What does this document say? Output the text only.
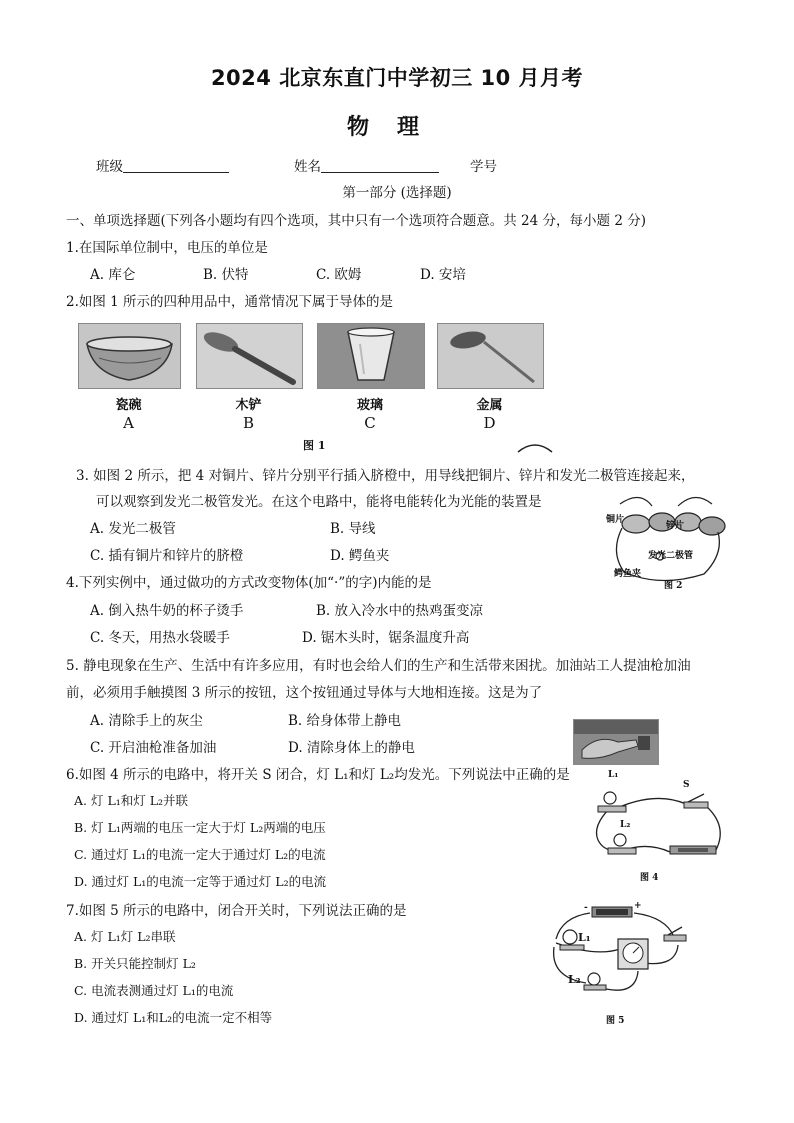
2024 北京东直门中学初三 10 月月考
物理
班级	姓名	学号
第一部分 (选择题)
一、单项选择题(下列各小题均有四个选项，其中只有一个选项符合题意。共 24 分，每小题 2 分)
1.在国际单位制中，电压的单位是
A. 库仑	B. 伏特	C. 欧姆	D. 安培
2.如图 1 所示的四种用品中，通常情况下属于导体的是
瓷碗	木铲	玻璃	金属
A	B	C	D
图 1
3. 如图 2 所示，把 4 对铜片、锌片分别平行插入脐橙中，用导线把铜片、锌片和发光二极管连接起来，
可以观察到发光二极管发光。在这个电路中，能将电能转化为光能的装置是
A. 发光二极管	B. 导线
C. 插有铜片和锌片的脐橙	D. 鳄鱼夹
铜片
锌片
发光二极管
鳄鱼夹
图 2
4.下列实例中，通过做功的方式改变物体(加“·”的字)内能的是
A. 倒入热牛奶的杯子烫手	B. 放入冷水中的热鸡蛋变凉
C. 冬天，用热水袋暖手	D. 锯木头时，锯条温度升高
5. 静电现象在生产、生活中有许多应用，有时也会给人们的生产和生活带来困扰。加油站工人提油枪加油
前，必须用手触摸图 3 所示的按钮，这个按钮通过导体与大地相连接。这是为了
A. 清除手上的灰尘	B. 给身体带上静电
C. 开启油枪准备加油	D. 清除身体上的静电
6.如图 4 所示的电路中，将开关 S 闭合，灯 L₁和灯 L₂均发光。下列说法中正确的是
A. 灯 L₁和灯 L₂并联
B. 灯 L₁两端的电压一定大于灯 L₂两端的电压
C. 通过灯 L₁的电流一定大于通过灯 L₂的电流
D. 通过灯 L₁的电流一定等于通过灯 L₂的电流
L₁
S
L₂
图 4
7.如图 5 所示的电路中，闭合开关时，下列说法正确的是
A. 灯 L₁灯 L₂串联
B. 开关只能控制灯 L₂
C. 电流表测通过灯 L₁的电流
D. 通过灯 L₁和L₂的电流一定不相等
-	+
L₁
L₂
图 5
